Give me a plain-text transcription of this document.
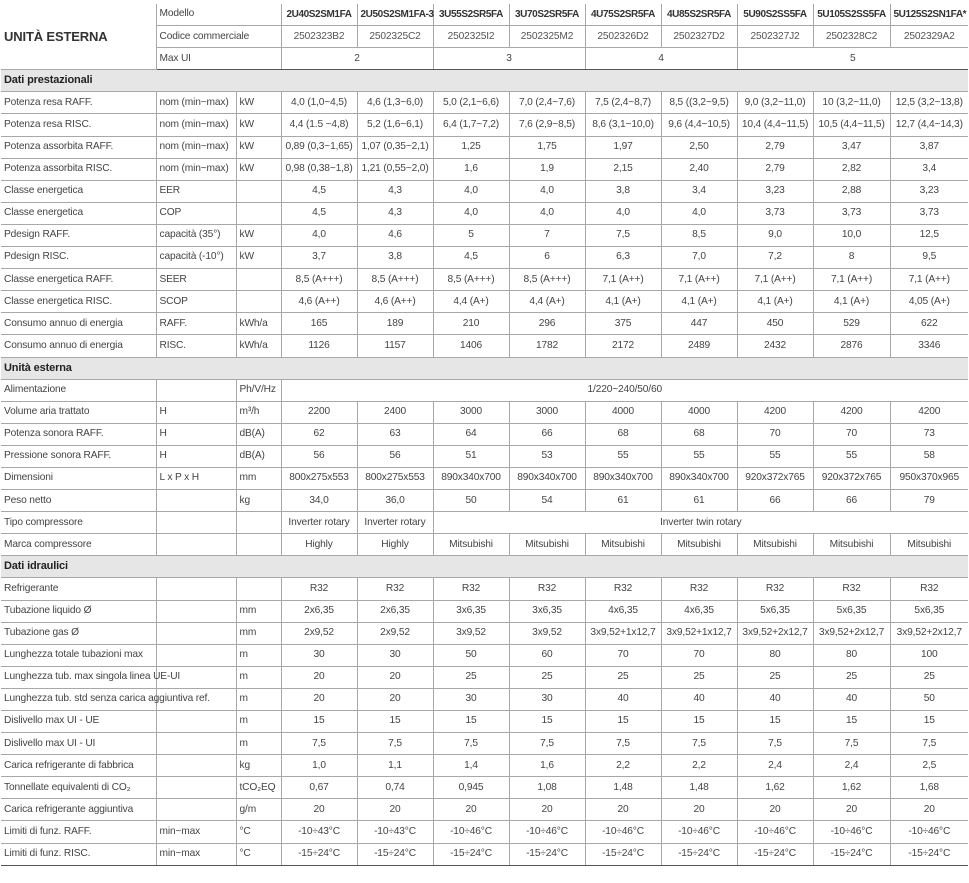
UNITÀ ESTERNA	Modello		2U40S2SM1FA	2U50S2SM1FA-3	3U55S2SR5FA	3U70S2SR5FA	4U75S2SR5FA	4U85S2SR5FA	5U90S2SS5FA	5U105S2SS5FA	5U125S2SN1FA*
	Codice commerciale		2502323B2	2502325C2	2502325I2	2502325M2	2502326D2	2502327D2	2502327J2	2502328C2	2502329A2
	Max UI		2		3		4		5		
Dati prestazionali											
Potenza resa RAFF.	nom (min~max)	kW	4,0 (1,0~4,5)	4,6 (1,3~6,0)	5,0 (2,1~6,6)	7,0 (2,4~7,6)	7,5 (2,4~8,7)	8,5 ((3,2~9,5)	9,0 (3,2~11,0)	10 (3,2~11,0)	12,5 (3,2~13,8)
Potenza resa RISC.	nom (min~max)	kW	4,4 (1.5 ~4,8)	5,2 (1,6~6,1)	6,4 (1,7~7,2)	7,6 (2,9~8,5)	8,6 (3,1~10,0)	9,6 (4,4~10,5)	10,4 (4,4~11,5)	10,5 (4,4~11,5)	12,7 (4,4~14,3)
Potenza assorbita RAFF.	nom (min~max)	kW	0,89 (0,3~1,65)	1,07 (0,35~2,1)	1,25	1,75	1,97	2,50	2,79	3,47	3,87
Potenza assorbita RISC.	nom (min~max)	kW	0,98 (0,38~1,8)	1,21 (0,55~2,0)	1,6	1,9	2,15	2,40	2,79	2,82	3,4
Classe energetica	EER		4,5	4,3	4,0	4,0	3,8	3,4	3,23	2,88	3,23
Classe energetica	COP		4,5	4,3	4,0	4,0	4,0	4,0	3,73	3,73	3,73
Pdesign RAFF.	capacità (35°)	kW	4,0	4,6	5	7	7,5	8,5	9,0	10,0	12,5
Pdesign RISC.	capacità (-10°)	kW	3,7	3,8	4,5	6	6,3	7,0	7,2	8	9,5
Classe energetica RAFF.	SEER		8,5 (A+++)	8,5 (A+++)	8,5 (A+++)	8,5 (A+++)	7,1 (A++)	7,1 (A++)	7,1 (A++)	7,1 (A++)	7,1 (A++)
Classe energetica RISC.	SCOP		4,6 (A++)	4,6 (A++)	4,4 (A+)	4,4 (A+)	4,1 (A+)	4,1 (A+)	4,1 (A+)	4,1 (A+)	4,05 (A+)
Consumo annuo di energia	RAFF.	kWh/a	165	189	210	296	375	447	450	529	622
Consumo annuo di energia	RISC.	kWh/a	1126	1157	1406	1782	2172	2489	2432	2876	3346
Unità esterna											
Alimentazione		Ph/V/Hz	1/220~240/50/60								
Volume aria trattato	H	m³/h	2200	2400	3000	3000	4000	4000	4200	4200	4200
Potenza sonora RAFF.	H	dB(A)	62	63	64	66	68	68	70	70	73
Pressione sonora RAFF.	H	dB(A)	56	56	51	53	55	55	55	55	58
Dimensioni	L x P x H	mm	800x275x553	800x275x553	890x340x700	890x340x700	890x340x700	890x340x700	920x372x765	920x372x765	950x370x965
Peso netto		kg	34,0	36,0	50	54	61	61	66	66	79
Tipo compressore			Inverter rotary	Inverter rotary	Inverter twin rotary						
Marca compressore			Highly	Highly	Mitsubishi	Mitsubishi	Mitsubishi	Mitsubishi	Mitsubishi	Mitsubishi	Mitsubishi
Dati idraulici											
Refrigerante			R32	R32	R32	R32	R32	R32	R32	R32	R32
Tubazione liquido Ø		mm	2x6,35	2x6,35	3x6,35	3x6,35	4x6,35	4x6,35	5x6,35	5x6,35	5x6,35
Tubazione gas Ø		mm	2x9,52	2x9,52	3x9,52	3x9,52	3x9,52+1x12,7	3x9,52+1x12,7	3x9,52+2x12,7	3x9,52+2x12,7	3x9,52+2x12,7
Lunghezza totale tubazioni max		m	30	30	50	60	70	70	80	80	100
Lunghezza tub. max singola linea UE-UI		m	20	20	25	25	25	25	25	25	25
Lunghezza tub. std senza carica aggiuntiva ref.		m	20	20	30	30	40	40	40	40	50
Dislivello max UI - UE		m	15	15	15	15	15	15	15	15	15
Dislivello max UI - UI		m	7,5	7,5	7,5	7,5	7,5	7,5	7,5	7,5	7,5
Carica refrigerante di fabbrica		kg	1,0	1,1	1,4	1,6	2,2	2,2	2,4	2,4	2,5
Tonnellate equivalenti di CO₂		tCO₂EQ	0,67	0,74	0,945	1,08	1,48	1,48	1,62	1,62	1,68
Carica refrigerante aggiuntiva		g/m	20	20	20	20	20	20	20	20	20
Limiti di funz. RAFF.	min~max	°C	-10÷43°C	-10÷43°C	-10÷46°C	-10÷46°C	-10÷46°C	-10÷46°C	-10÷46°C	-10÷46°C	-10÷46°C
Limiti di funz. RISC.	min~max	°C	-15÷24°C	-15÷24°C	-15÷24°C	-15÷24°C	-15÷24°C	-15÷24°C	-15÷24°C	-15÷24°C	-15÷24°C
